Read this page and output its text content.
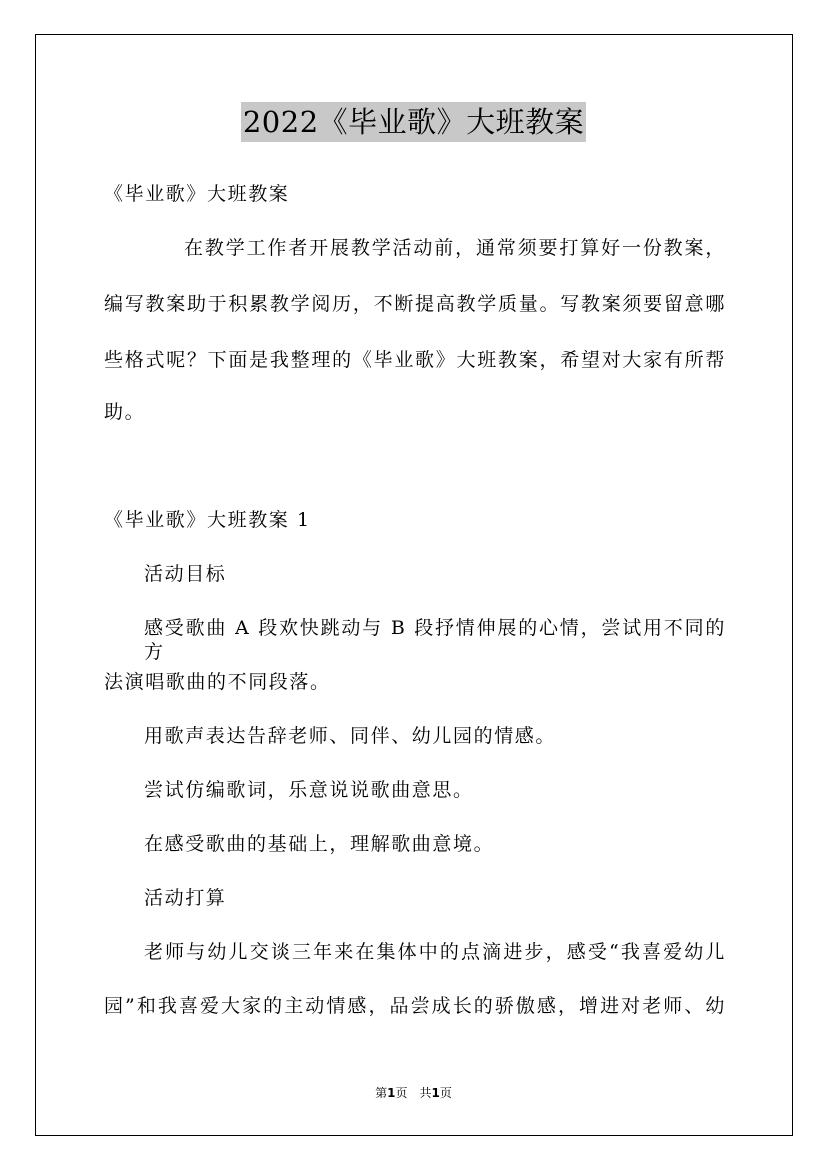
2022《毕业歌》大班教案
《毕业歌》大班教案
在教学工作者开展教学活动前，通常须要打算好一份教案，
编写教案助于积累教学阅历，不断提高教学质量。写教案须要留意哪
些格式呢？下面是我整理的《毕业歌》大班教案，希望对大家有所帮
助。
《毕业歌》大班教案 1
活动目标
感受歌曲 A 段欢快跳动与 B 段抒情伸展的心情，尝试用不同的方
法演唱歌曲的不同段落。
用歌声表达告辞老师、同伴、幼儿园的情感。
尝试仿编歌词，乐意说说歌曲意思。
在感受歌曲的基础上，理解歌曲意境。
活动打算
老师与幼儿交谈三年来在集体中的点滴进步，感受“我喜爱幼儿
园”和我喜爱大家的主动情感，品尝成长的骄傲感，增进对老师、幼
第1页　共1页
